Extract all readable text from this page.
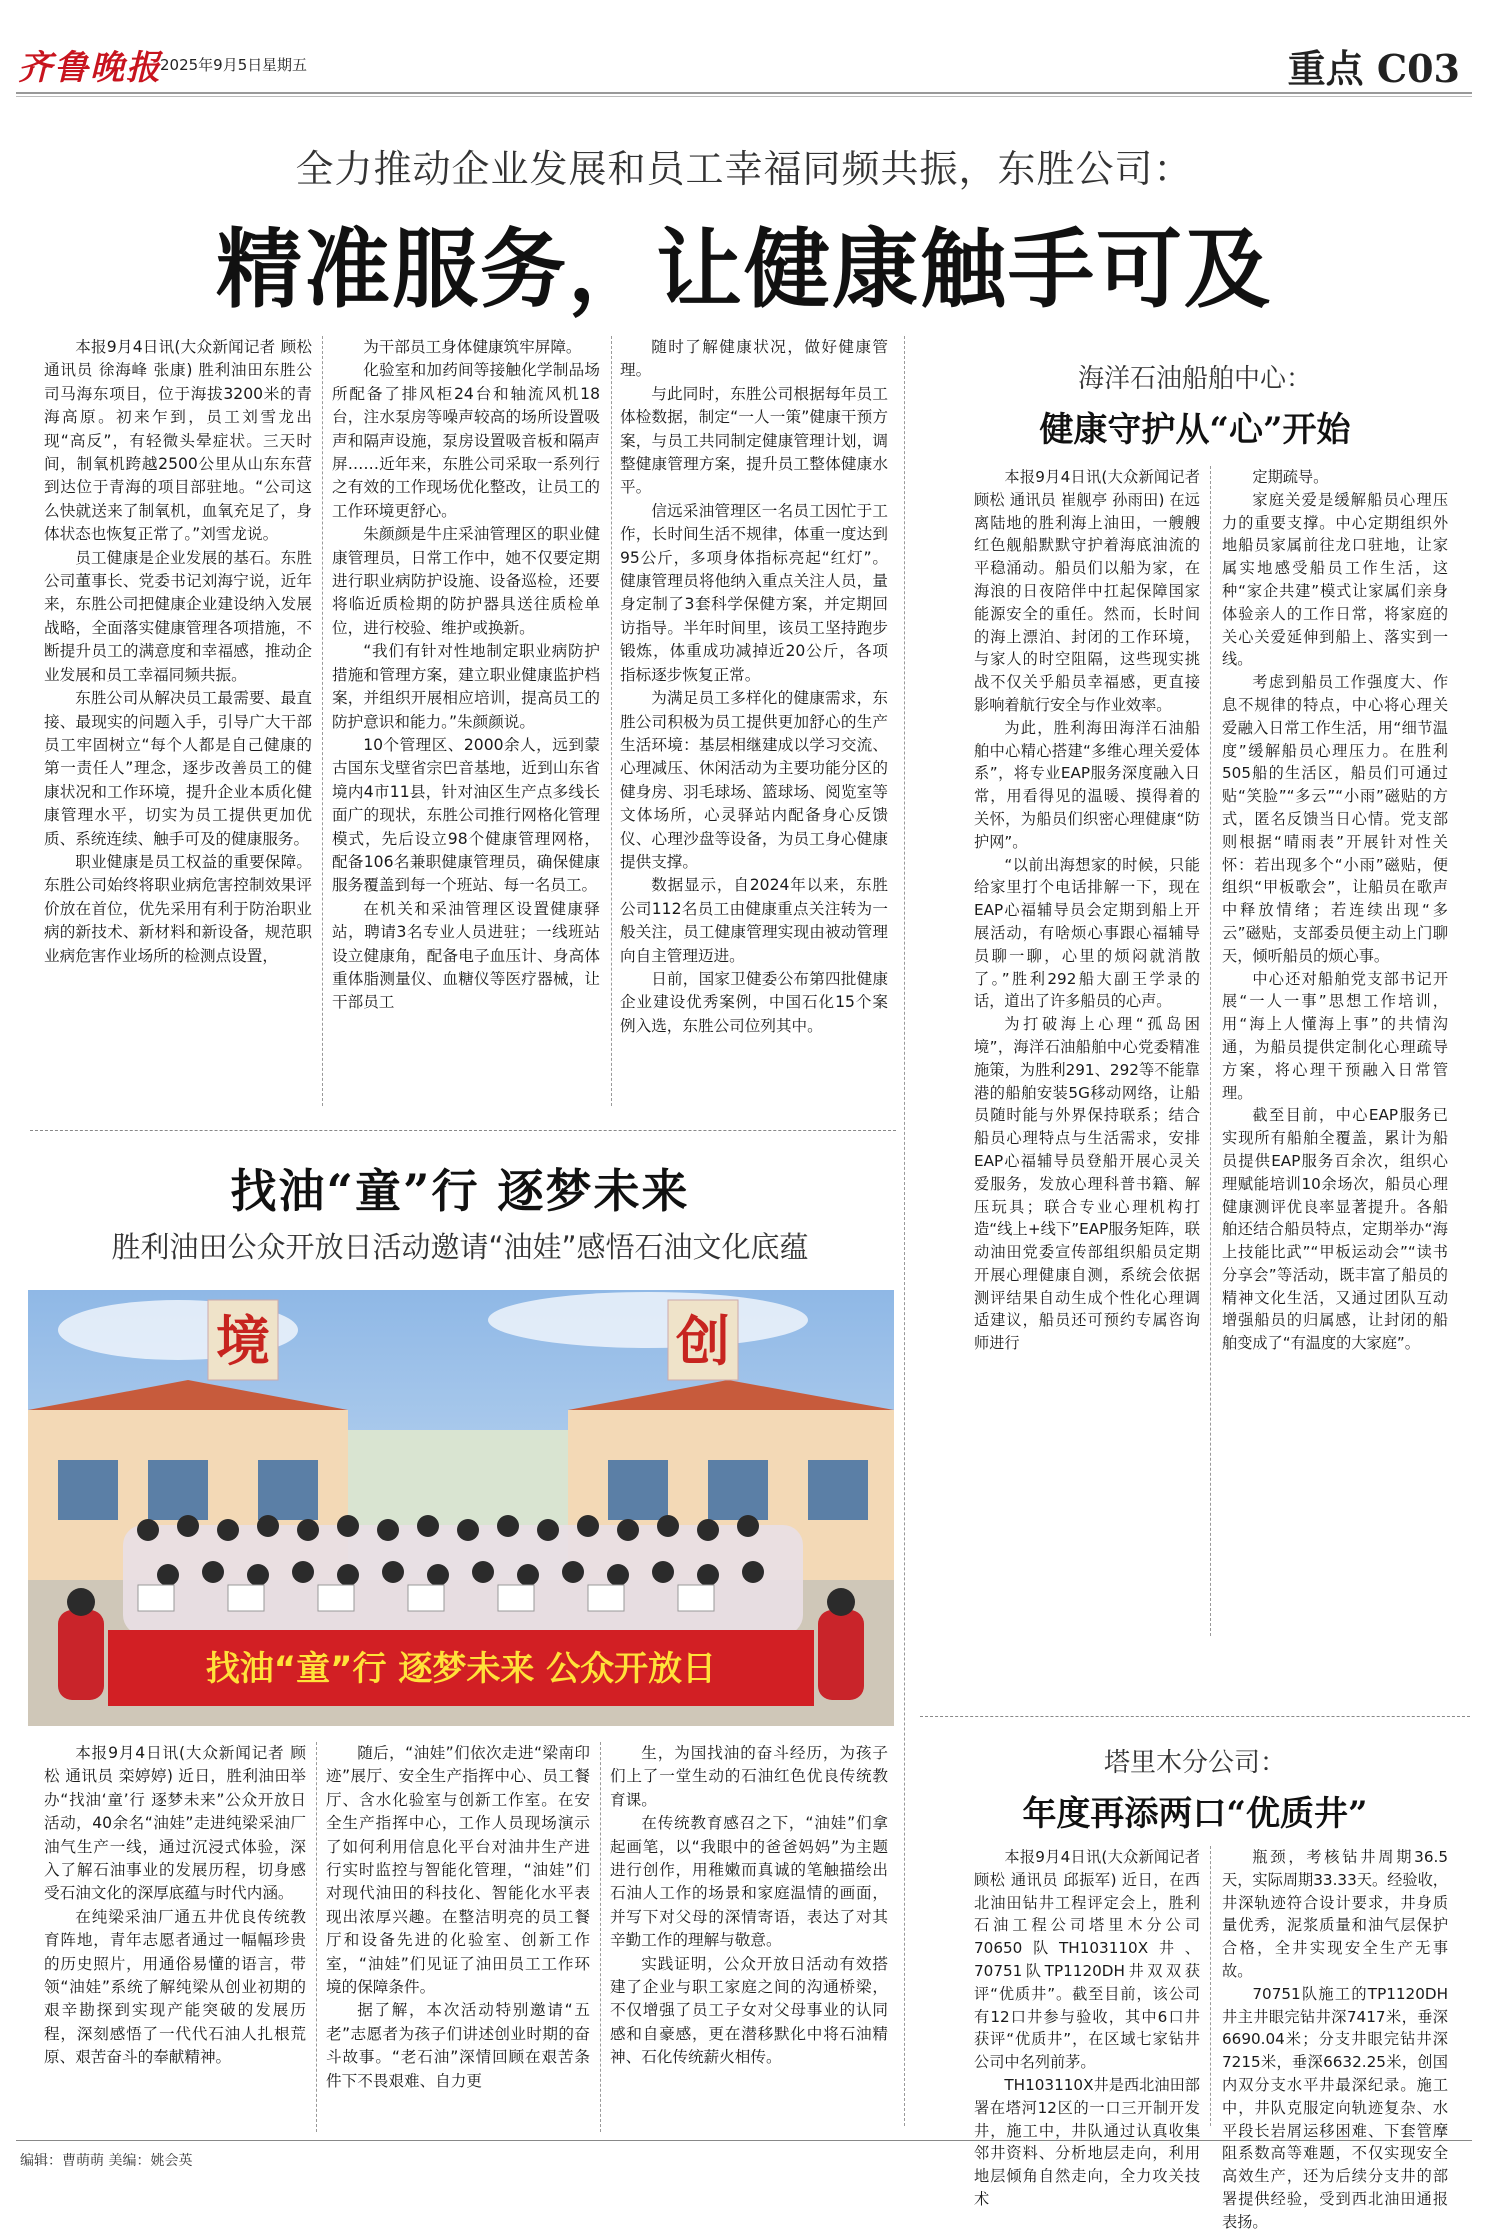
齐鲁晚报
2025年9月5日 星期五	重点 C03
全力推动企业发展和员工幸福同频共振，东胜公司：
精准服务，让健康触手可及

本报9月4日讯(大众新闻记者 顾松 通讯员 徐海峰 张康) 胜利油田东胜公司马海东项目，位于海拔3200米的青海高原。初来乍到，员工刘雪龙出现“高反”，有轻微头晕症状。三天时间，制氧机跨越2500公里从山东东营到达位于青海的项目部驻地。“公司这么快就送来了制氧机，血氧充足了，身体状态也恢复正常了。”刘雪龙说。

员工健康是企业发展的基石。东胜公司董事长、党委书记刘海宁说，近年来，东胜公司把健康企业建设纳入发展战略，全面落实健康管理各项措施，不断提升员工的满意度和幸福感，推动企业发展和员工幸福同频共振。

东胜公司从解决员工最需要、最直接、最现实的问题入手，引导广大干部员工牢固树立“每个人都是自己健康的第一责任人”理念，逐步改善员工的健康状况和工作环境，提升企业本质化健康管理水平，切实为员工提供更加优质、系统连续、触手可及的健康服务。

职业健康是员工权益的重要保障。东胜公司始终将职业病危害控制效果评价放在首位，优先采用有利于防治职业病的新技术、新材料和新设备，规范职业病危害作业场所的检测点设置，

为干部员工身体健康筑牢屏障。

化验室和加药间等接触化学制品场所配备了排风柜24台和轴流风机18台，注水泵房等噪声较高的场所设置吸声和隔声设施，泵房设置吸音板和隔声屏……近年来，东胜公司采取一系列行之有效的工作现场优化整改，让员工的工作环境更舒心。

朱颜颜是牛庄采油管理区的职业健康管理员，日常工作中，她不仅要定期进行职业病防护设施、设备巡检，还要将临近质检期的防护器具送往质检单位，进行校验、维护或换新。

“我们有针对性地制定职业病防护措施和管理方案，建立职业健康监护档案，并组织开展相应培训，提高员工的防护意识和能力。”朱颜颜说。

10个管理区、2000余人，远到蒙古国东戈壁省宗巴音基地，近到山东省境内4市11县，针对油区生产点多线长面广的现状，东胜公司推行网格化管理模式，先后设立98个健康管理网格，配备106名兼职健康管理员，确保健康服务覆盖到每一个班站、每一名员工。

在机关和采油管理区设置健康驿站，聘请3名专业人员进驻；一线班站设立健康角，配备电子血压计、身高体重体脂测量仪、血糖仪等医疗器械，让干部员工

随时了解健康状况，做好健康管理。

与此同时，东胜公司根据每年员工体检数据，制定“一人一策”健康干预方案，与员工共同制定健康管理计划，调整健康管理方案，提升员工整体健康水平。

信远采油管理区一名员工因忙于工作，长时间生活不规律，体重一度达到95公斤，多项身体指标亮起“红灯”。健康管理员将他纳入重点关注人员，量身定制了3套科学保健方案，并定期回访指导。半年时间里，该员工坚持跑步锻炼，体重成功减掉近20公斤，各项指标逐步恢复正常。

为满足员工多样化的健康需求，东胜公司积极为员工提供更加舒心的生产生活环境：基层相继建成以学习交流、心理减压、休闲活动为主要功能分区的健身房、羽毛球场、篮球场、阅览室等文体场所，心灵驿站内配备身心反馈仪、心理沙盘等设备，为员工身心健康提供支撑。

数据显示，自2024年以来，东胜公司112名员工由健康重点关注转为一般关注，员工健康管理实现由被动管理向自主管理迈进。

日前，国家卫健委公布第四批健康企业建设优秀案例，中国石化15个案例入选，东胜公司位列其中。

海洋石油船舶中心：
健康守护从“心”开始

本报9月4日讯(大众新闻记者 顾松 通讯员 崔舰亭 孙雨田) 在远离陆地的胜利海上油田，一艘艘红色舰船默默守护着海底油流的平稳涌动。船员们以船为家，在海浪的日夜陪伴中扛起保障国家能源安全的重任。然而，长时间的海上漂泊、封闭的工作环境，与家人的时空阻隔，这些现实挑战不仅关乎船员幸福感，更直接影响着航行安全与作业效率。

为此，胜利海田海洋石油船舶中心精心搭建“多维心理关爱体系”，将专业EAP服务深度融入日常，用看得见的温暖、摸得着的关怀，为船员们织密心理健康“防护网”。

“以前出海想家的时候，只能给家里打个电话排解一下，现在EAP心福辅导员会定期到船上开展活动，有啥烦心事跟心福辅导员聊一聊，心里的烦闷就消散了。”胜利292船大副王学录的话，道出了许多船员的心声。

为打破海上心理“孤岛困境”，海洋石油船舶中心党委精准施策，为胜利291、292等不能靠港的船舶安装5G移动网络，让船员随时能与外界保持联系；结合船员心理特点与生活需求，安排EAP心福辅导员登船开展心灵关爱服务，发放心理科普书籍、解压玩具；联合专业心理机构打造“线上+线下”EAP服务矩阵，联动油田党委宣传部组织船员定期开展心理健康自测，系统会依据测评结果自动生成个性化心理调适建议，船员还可预约专属咨询师进行

定期疏导。

家庭关爱是缓解船员心理压力的重要支撑。中心定期组织外地船员家属前往龙口驻地，让家属实地感受船员工作生活，这种“家企共建”模式让家属们亲身体验亲人的工作日常，将家庭的关心关爱延伸到船上、落实到一线。

考虑到船员工作强度大、作息不规律的特点，中心将心理关爱融入日常工作生活，用“细节温度”缓解船员心理压力。在胜利505船的生活区，船员们可通过贴“笑脸”“多云”“小雨”磁贴的方式，匿名反馈当日心情。党支部则根据“晴雨表”开展针对性关怀：若出现多个“小雨”磁贴，便组织“甲板歌会”，让船员在歌声中释放情绪；若连续出现“多云”磁贴，支部委员便主动上门聊天，倾听船员的烦心事。

中心还对船舶党支部书记开展“一人一事”思想工作培训，用“海上人懂海上事”的共情沟通，为船员提供定制化心理疏导方案，将心理干预融入日常管理。

截至目前，中心EAP服务已实现所有船舶全覆盖，累计为船员提供EAP服务百余次，组织心理赋能培训10余场次，船员心理健康测评优良率显著提升。各船舶还结合船员特点，定期举办“海上技能比武”“甲板运动会”“读书分享会”等活动，既丰富了船员的精神文化生活，又通过团队互动增强船员的归属感，让封闭的船舶变成了“有温度的大家庭”。

塔里木分公司：
年度再添两口“优质井”

本报9月4日讯(大众新闻记者 顾松 通讯员 邱振军) 近日，在西北油田钻井工程评定会上，胜利石油工程公司塔里木分公司70650队TH103110X井、70751队TP1120DH井双双获评“优质井”。截至目前，该公司有12口井参与验收，其中6口井获评“优质井”，在区域七家钻井公司中名列前茅。

TH103110X井是西北油田部署在塔河12区的一口三开制开发井，施工中，井队通过认真收集邻井资料、分析地层走向，利用地层倾角自然走向，全力攻关技术

瓶颈，考核钻井周期36.5天，实际周期33.33天。经验收，井深轨迹符合设计要求，井身质量优秀，泥浆质量和油气层保护合格，全井实现安全生产无事故。

70751队施工的TP1120DH井主井眼完钻井深7417米，垂深6690.04米；分支井眼完钻井深7215米，垂深6632.25米，创国内双分支水平井最深纪录。施工中，井队克服定向轨迹复杂、水平段长岩屑运移困难、下套管摩阻系数高等难题，不仅实现安全高效生产，还为后续分支井的部署提供经验，受到西北油田通报表扬。

找油“童”行 逐梦未来
胜利油田公众开放日活动邀请“油娃”感悟石油文化底蕴
境	创
找油“童”行 逐梦未来 公众开放日

本报9月4日讯(大众新闻记者 顾松 通讯员 栾婷婷) 近日，胜利油田举办“找油‘童’行 逐梦未来”公众开放日活动，40余名“油娃”走进纯梁采油厂油气生产一线，通过沉浸式体验，深入了解石油事业的发展历程，切身感受石油文化的深厚底蕴与时代内涵。

在纯梁采油厂通五井优良传统教育阵地，青年志愿者通过一幅幅珍贵的历史照片，用通俗易懂的语言，带领“油娃”系统了解纯梁从创业初期的艰辛勘探到实现产能突破的发展历程，深刻感悟了一代代石油人扎根荒原、艰苦奋斗的奉献精神。

随后，“油娃”们依次走进“梁南印迹”展厅、安全生产指挥中心、员工餐厅、含水化验室与创新工作室。在安全生产指挥中心，工作人员现场演示了如何利用信息化平台对油井生产进行实时监控与智能化管理，“油娃”们对现代油田的科技化、智能化水平表现出浓厚兴趣。在整洁明亮的员工餐厅和设备先进的化验室、创新工作室，“油娃”们见证了油田员工工作环境的保障条件。

据了解，本次活动特别邀请“五老”志愿者为孩子们讲述创业时期的奋斗故事。“老石油”深情回顾在艰苦条件下不畏艰难、自力更

生，为国找油的奋斗经历，为孩子们上了一堂生动的石油红色优良传统教育课。

在传统教育感召之下，“油娃”们拿起画笔，以“我眼中的爸爸妈妈”为主题进行创作，用稚嫩而真诚的笔触描绘出石油人工作的场景和家庭温情的画面，并写下对父母的深情寄语，表达了对其辛勤工作的理解与敬意。

实践证明，公众开放日活动有效搭建了企业与职工家庭之间的沟通桥梁，不仅增强了员工子女对父母事业的认同感和自豪感，更在潜移默化中将石油精神、石化传统薪火相传。

编辑：曹萌萌 美编：姚会英
